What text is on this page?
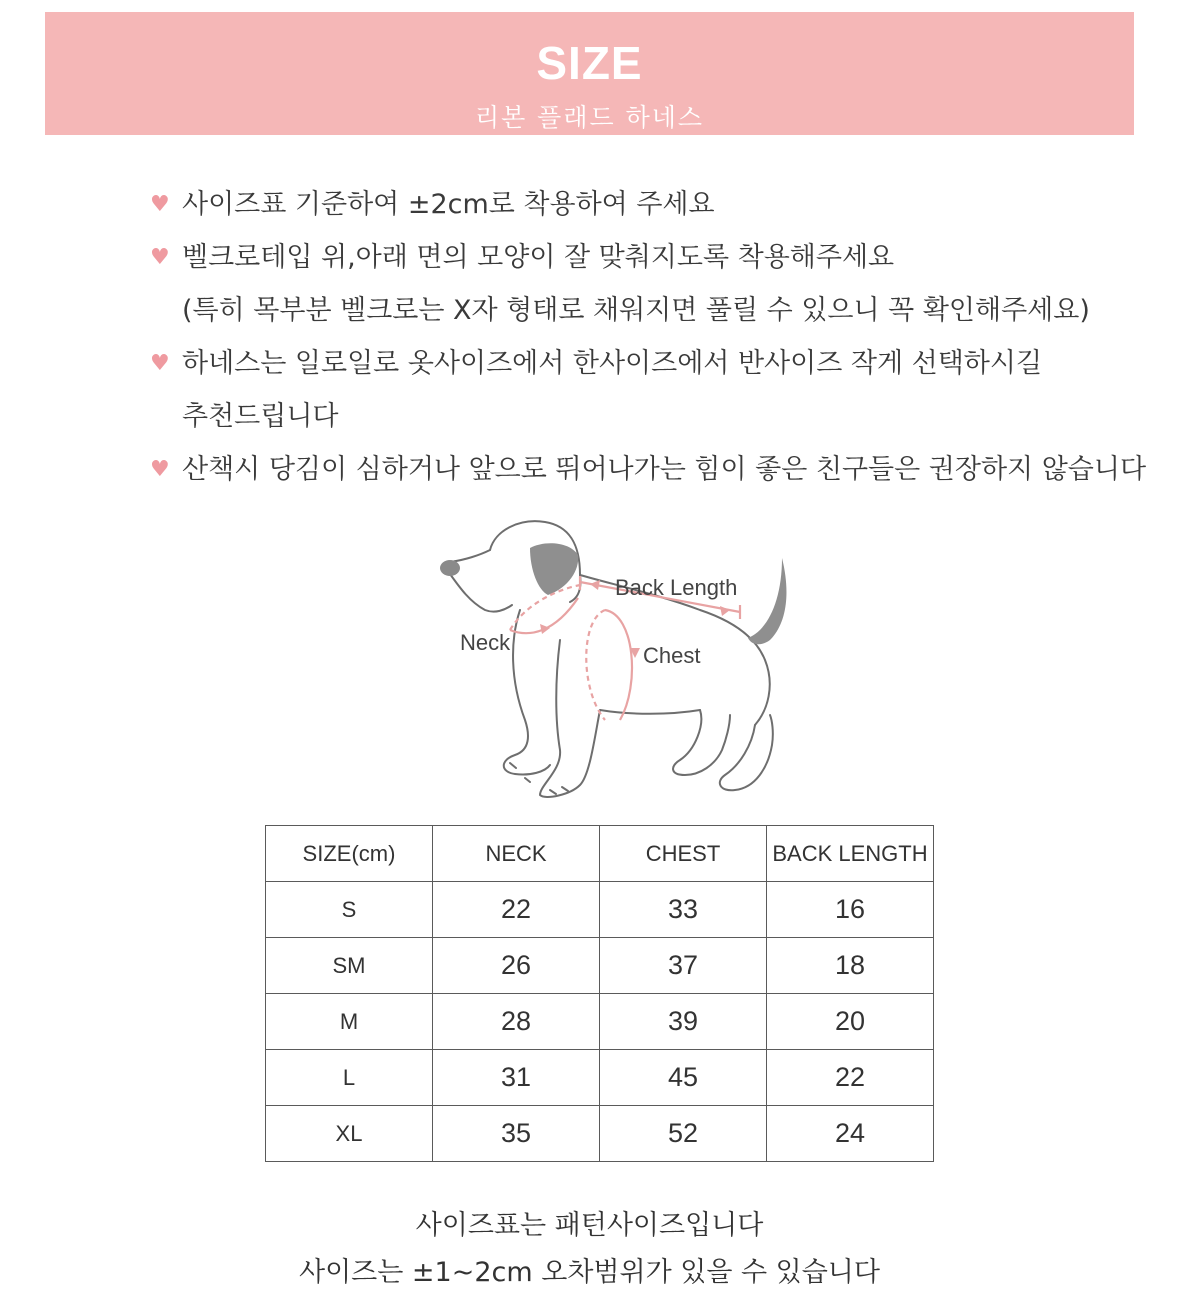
SIZE
리본 플래드 하네스
♥ 사이즈표 기준하여 ±2cm로 착용하여 주세요
♥ 벨크로테입 위,아래 면의 모양이 잘 맞춰지도록 착용해주세요
(특히 목부분 벨크로는 X자 형태로 채워지면 풀릴 수 있으니 꼭 확인해주세요)
♥ 하네스는 일로일로 옷사이즈에서 한사이즈에서 반사이즈 작게 선택하시길
추천드립니다
♥ 산책시 당김이 심하거나 앞으로 뛰어나가는 힘이 좋은 친구들은 권장하지 않습니다
Back Length
Neck
Chest
SIZE(cm)	NECK	CHEST	BACK LENGTH
S	22	33	16
SM	26	37	18
M	28	39	20
L	31	45	22
XL	35	52	24
사이즈표는 패턴사이즈입니다
사이즈는 ±1~2cm 오차범위가 있을 수 있습니다
